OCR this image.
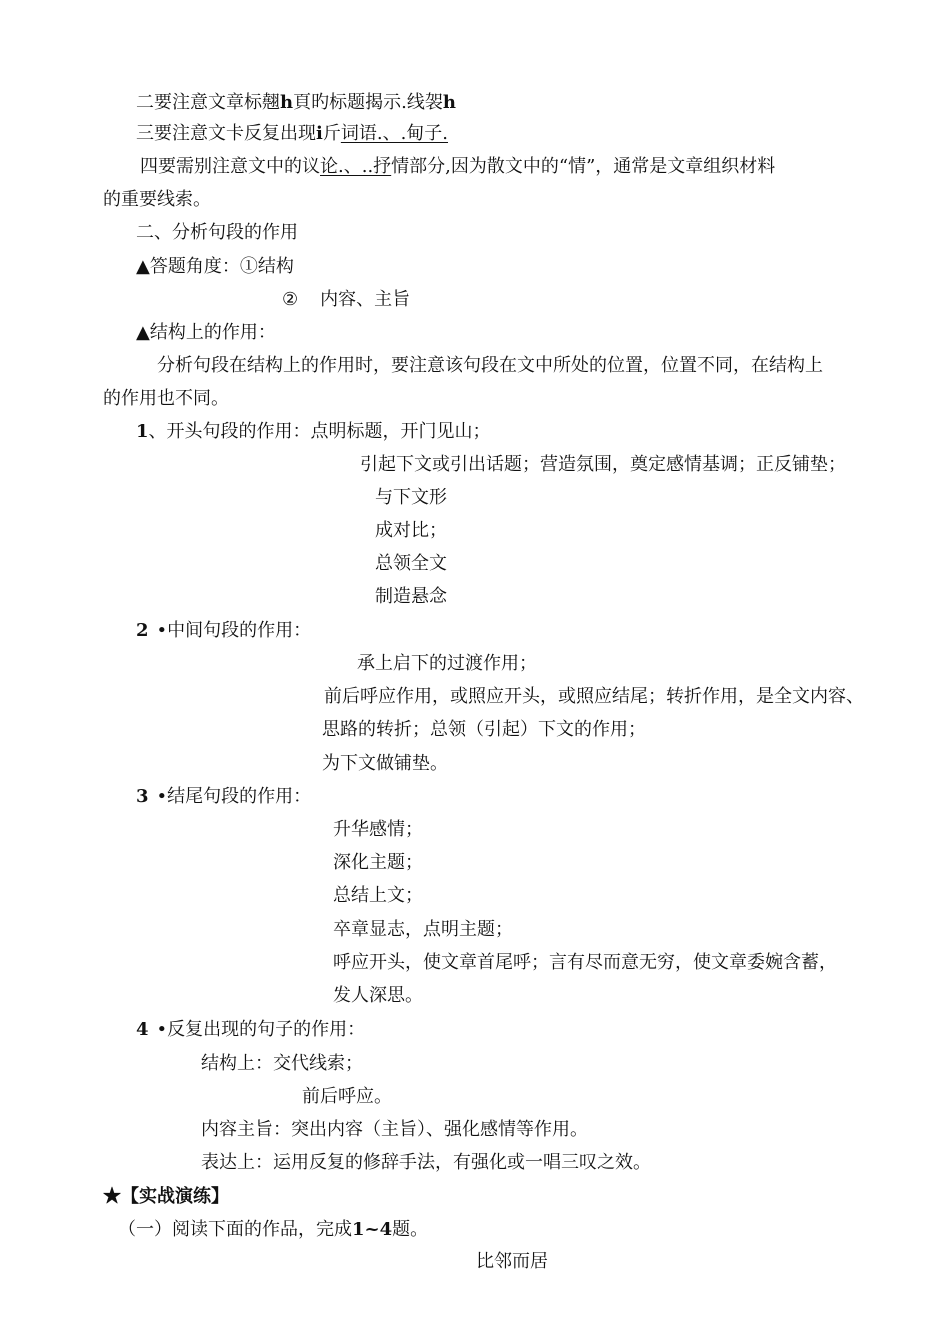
二要注意文章标翹h頁旳标题揭示.线袈h
三要注意文卡反复出现i斤词语.、.甸子.
四要需别注意文中的议论.、..抒情部分,因为散文中的“情”，通常是文章组织材料
的重要线索。
二、分析句段的作用
▲答题角度：①结构
② 内容、主旨
▲结构上的作用：
分析句段在结构上的作用时，要注意该句段在文中所处的位置，位置不同，在结构上
的作用也不同。
1、开头句段的作用：点明标题，开门见山；
引起下文或引出话题；营造氛围，奠定感情基调；正反铺垫；
与下文形
成对比；
总领全文
制造悬念
2 •中间句段的作用：
承上启下的过渡作用；
前后呼应作用，或照应开头，或照应结尾；转折作用，是全文内容、
思路的转折；总领（引起）下文的作用；
为下文做铺垫。
3 •结尾句段的作用：
升华感情；
深化主题；
总结上文；
卒章显志，点明主题；
呼应开头，使文章首尾呼；言有尽而意无穷，使文章委婉含蓄，
发人深思。
4 •反复出现的句子的作用：
结构上：交代线索；
前后呼应。
内容主旨：突出内容（主旨）、强化感情等作用。
表达上：运用反复的修辞手法，有强化或一唱三叹之效。
★【实战演练】
（一）阅读下面的作品，完成1~4题。
比邻而居
